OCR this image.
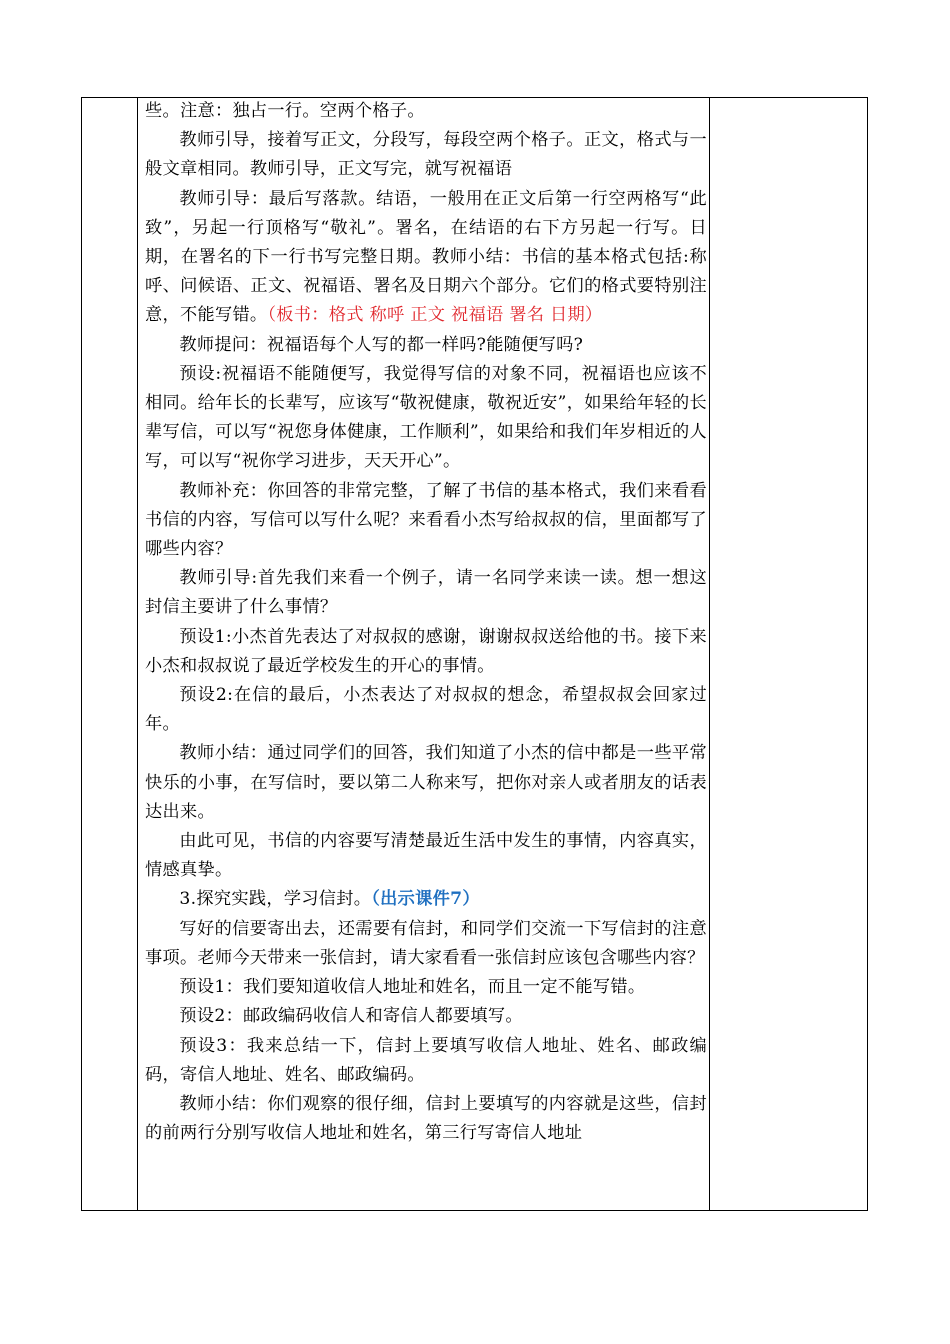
些。注意：独占一行。空两个格子。

教师引导，接着写正文，分段写，每段空两个格子。正文，格式与一般文章相同。教师引导，正文写完，就写祝福语

教师引导：最后写落款。结语，一般用在正文后第一行空两格写“此致”，另起一行顶格写“敬礼”。署名，在结语的右下方另起一行写。日期，在署名的下一行书写完整日期。教师小结：书信的基本格式包括:称呼、问候语、正文、祝福语、署名及日期六个部分。它们的格式要特别注意，不能写错。（板书：格式 称呼 正文 祝福语 署名 日期）

教师提问：祝福语每个人写的都一样吗?能随便写吗?

预设:祝福语不能随便写，我觉得写信的对象不同，祝福语也应该不相同。给年长的长辈写，应该写“敬祝健康，敬祝近安”，如果给年轻的长辈写信，可以写“祝您身体健康，工作顺利”，如果给和我们年岁相近的人写，可以写“祝你学习进步，天天开心”。

教师补充：你回答的非常完整，了解了书信的基本格式，我们来看看书信的内容，写信可以写什么呢？来看看小杰写给叔叔的信，里面都写了哪些内容？

教师引导:首先我们来看一个例子，请一名同学来读一读。想一想这封信主要讲了什么事情？

预设1:小杰首先表达了对叔叔的感谢，谢谢叔叔送给他的书。接下来小杰和叔叔说了最近学校发生的开心的事情。

预设2:在信的最后，小杰表达了对叔叔的想念，希望叔叔会回家过年。

教师小结：通过同学们的回答，我们知道了小杰的信中都是一些平常快乐的小事，在写信时，要以第二人称来写，把你对亲人或者朋友的话表达出来。

由此可见，书信的内容要写清楚最近生活中发生的事情，内容真实，情感真挚。

3.探究实践，学习信封。（出示课件7）

写好的信要寄出去，还需要有信封，和同学们交流一下写信封的注意事项。老师今天带来一张信封，请大家看看一张信封应该包含哪些内容？

预设1：我们要知道收信人地址和姓名，而且一定不能写错。

预设2：邮政编码收信人和寄信人都要填写。

预设3：我来总结一下，信封上要填写收信人地址、姓名、邮政编码，寄信人地址、姓名、邮政编码。

教师小结：你们观察的很仔细，信封上要填写的内容就是这些，信封的前两行分别写收信人地址和姓名，第三行写寄信人地址
